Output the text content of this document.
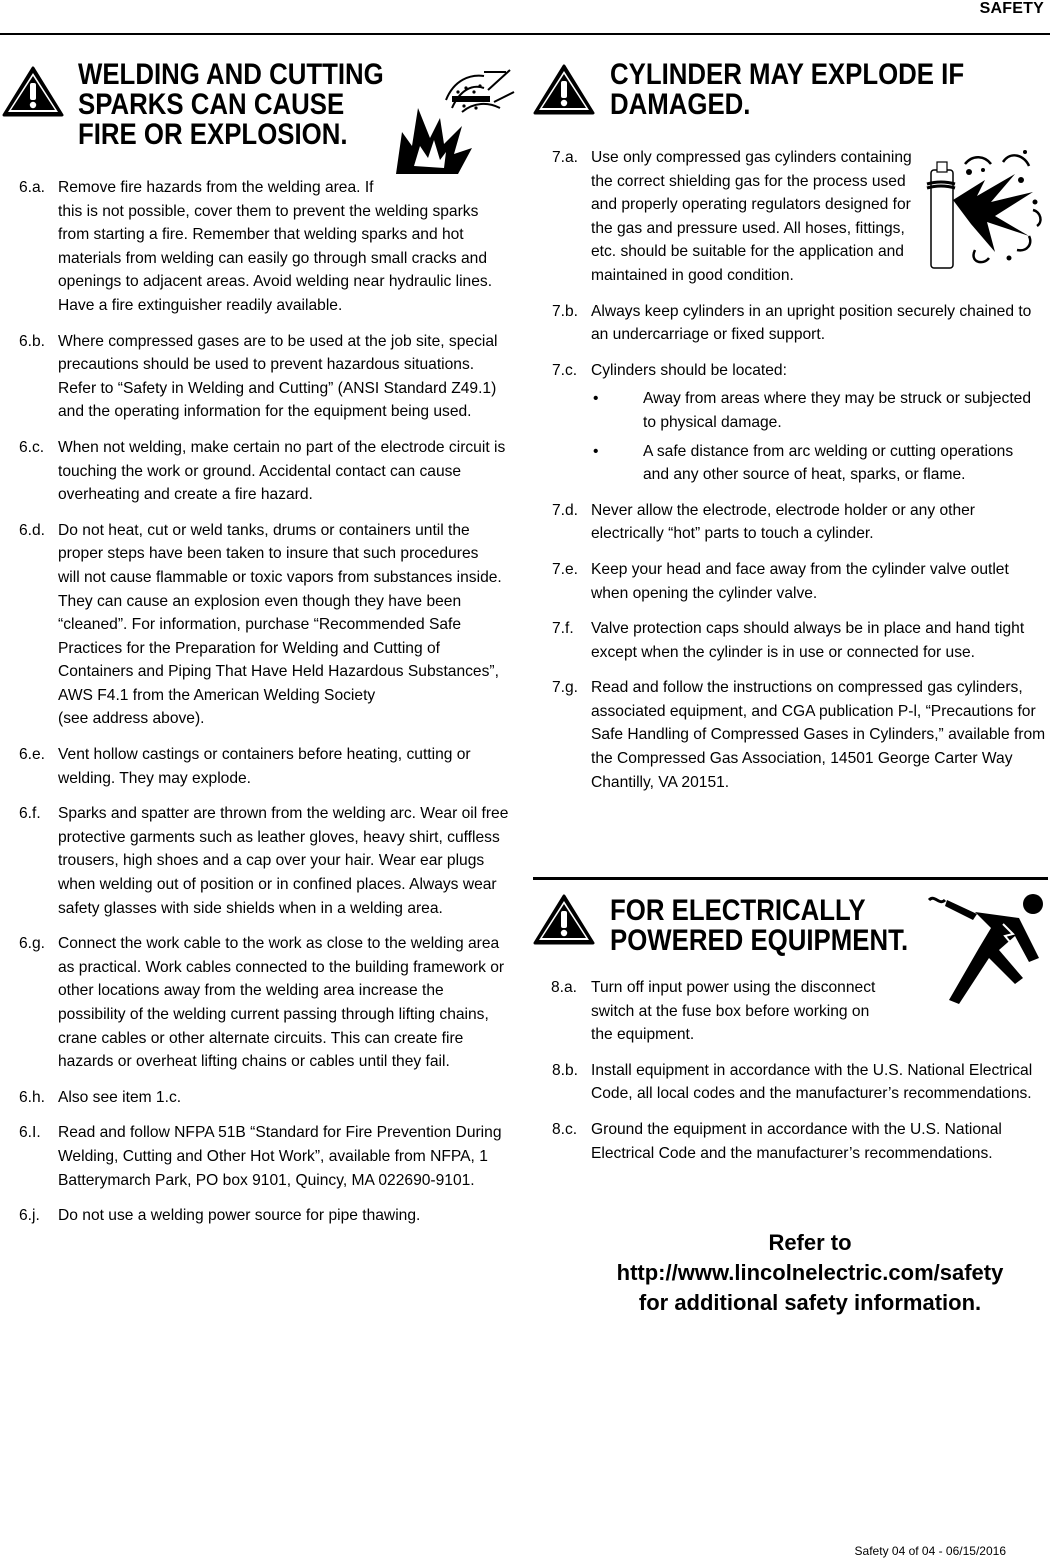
SAFETY
WELDING AND CUTTING
SPARKS CAN CAUSE
FIRE OR EXPLOSION.
6.a. Remove fire hazards from the welding area. If
this is not possible, cover them to prevent the welding sparks
from starting a fire. Remember that welding sparks and hot
materials from welding can easily go through small cracks and
openings to adjacent areas. Avoid welding near hydraulic lines.
Have a fire extinguisher readily available.
6.b. Where compressed gases are to be used at the job site, special
precautions should be used to prevent hazardous situations.
Refer to “Safety in Welding and Cutting” (ANSI Standard Z49.1)
and the operating information for the equipment being used.
6.c. When not welding, make certain no part of the electrode circuit is
touching the work or ground. Accidental contact can cause
overheating and create a fire hazard.
6.d. Do not heat, cut or weld tanks, drums or containers until the
proper steps have been taken to insure that such procedures
will not cause flammable or toxic vapors from substances inside.
They can cause an explosion even though they have been
“cleaned”. For information, purchase “Recommended Safe
Practices for the Preparation for Welding and Cutting of
Containers and Piping That Have Held Hazardous Substances”,
AWS F4.1 from the American Welding Society
(see address above).
6.e. Vent hollow castings or containers before heating, cutting or
welding. They may explode.
6.f. Sparks and spatter are thrown from the welding arc. Wear oil free
protective garments such as leather gloves, heavy shirt, cuffless
trousers, high shoes and a cap over your hair. Wear ear plugs
when welding out of position or in confined places. Always wear
safety glasses with side shields when in a welding area.
6.g. Connect the work cable to the work as close to the welding area
as practical. Work cables connected to the building framework or
other locations away from the welding area increase the
possibility of the welding current passing through lifting chains,
crane cables or other alternate circuits. This can create fire
hazards or overheat lifting chains or cables until they fail.
6.h. Also see item 1.c.
6.I. Read and follow NFPA 51B “Standard for Fire Prevention During
Welding, Cutting and Other Hot Work”, available from NFPA, 1
Batterymarch Park, PO box 9101, Quincy, MA 022690-9101.
6.j. Do not use a welding power source for pipe thawing.
CYLINDER MAY EXPLODE IF
DAMAGED.
7.a. Use only compressed gas cylinders containing
the correct shielding gas for the process used
and properly operating regulators designed for
the gas and pressure used. All hoses, fittings,
etc. should be suitable for the application and
maintained in good condition.
7.b. Always keep cylinders in an upright position securely chained to
an undercarriage or fixed support.
7.c. Cylinders should be located:
•	Away from areas where they may be struck or subjected
to physical damage.
•	A safe distance from arc welding or cutting operations
and any other source of heat, sparks, or flame.
7.d. Never allow the electrode, electrode holder or any other
electrically “hot” parts to touch a cylinder.
7.e. Keep your head and face away from the cylinder valve outlet
when opening the cylinder valve.
7.f. Valve protection caps should always be in place and hand tight
except when the cylinder is in use or connected for use.
7.g. Read and follow the instructions on compressed gas cylinders,
associated equipment, and CGA publication P-l, “Precautions for
Safe Handling of Compressed Gases in Cylinders,” available from
the Compressed Gas Association, 14501 George Carter Way
Chantilly, VA 20151.
FOR ELECTRICALLY
POWERED EQUIPMENT.
8.a. Turn off input power using the disconnect
switch at the fuse box before working on
the equipment.
8.b. Install equipment in accordance with the U.S. National Electrical
Code, all local codes and the manufacturer’s recommendations.
8.c. Ground the equipment in accordance with the U.S. National
Electrical Code and the manufacturer’s recommendations.
Refer to
http://www.lincolnelectric.com/safety
for additional safety information.
Safety 04 of 04 - 06/15/2016
